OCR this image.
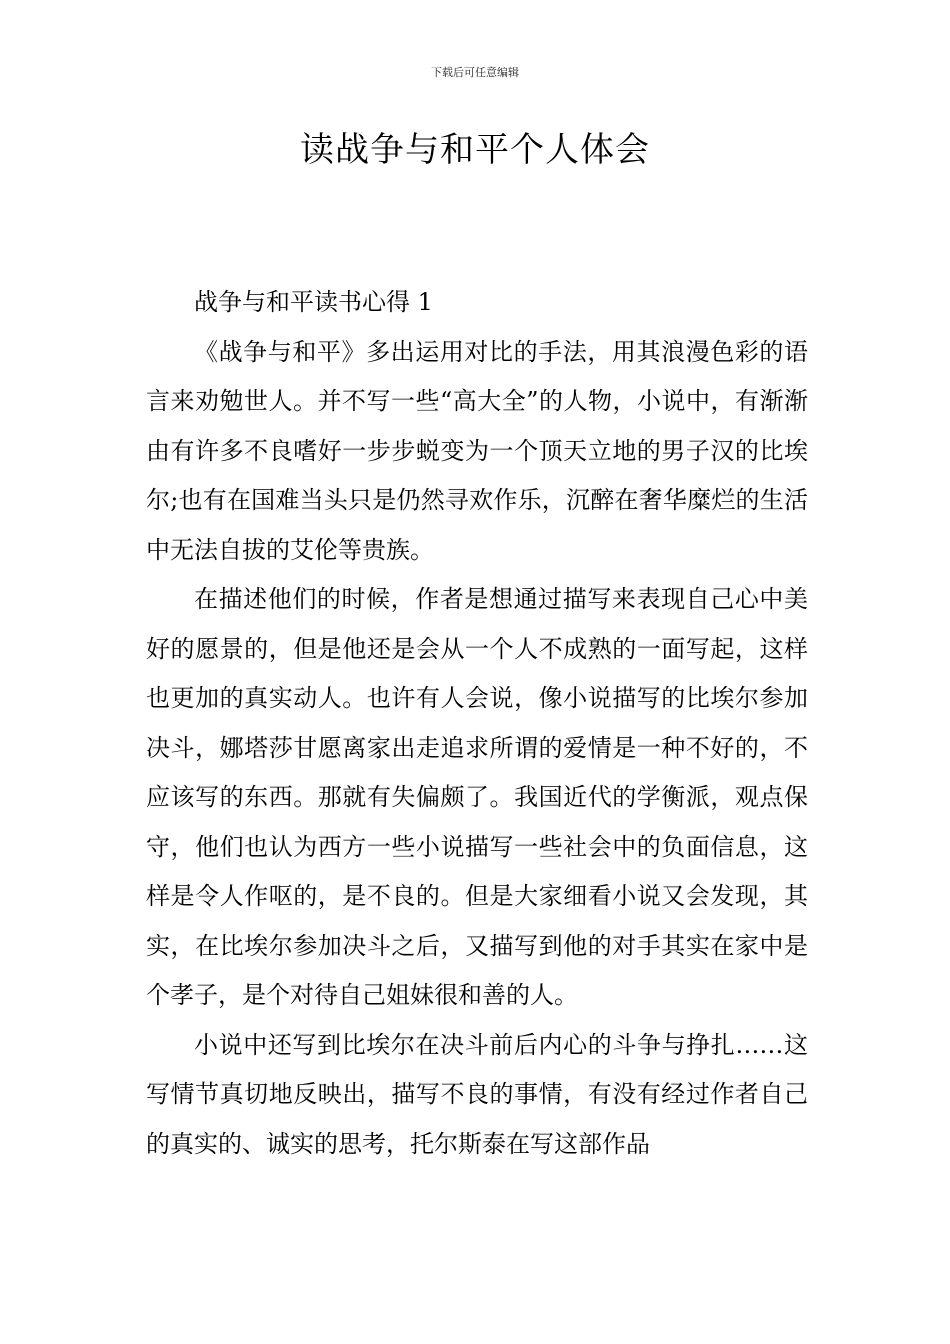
下载后可任意编辑
读战争与和平个人体会

战争与和平读书心得 1

《战争与和平》多出运用对比的手法，用其浪漫色彩的语言来劝勉世人。并不写一些“高大全”的人物，小说中，有渐渐由有许多不良嗜好一步步蜕变为一个顶天立地的男子汉的比埃尔;也有在国难当头只是仍然寻欢作乐，沉醉在奢华糜烂的生活中无法自拔的艾伦等贵族。

在描述他们的时候，作者是想通过描写来表现自己心中美好的愿景的，但是他还是会从一个人不成熟的一面写起，这样也更加的真实动人。也许有人会说，像小说描写的比埃尔参加决斗，娜塔莎甘愿离家出走追求所谓的爱情是一种不好的，不应该写的东西。那就有失偏颇了。我国近代的学衡派，观点保守，他们也认为西方一些小说描写一些社会中的负面信息，这样是令人作呕的，是不良的。但是大家细看小说又会发现，其实，在比埃尔参加决斗之后，又描写到他的对手其实在家中是个孝子，是个对待自己姐妹很和善的人。

小说中还写到比埃尔在决斗前后内心的斗争与挣扎……这写情节真切地反映出，描写不良的事情，有没有经过作者自己的真实的、诚实的思考，托尔斯泰在写这部作品
